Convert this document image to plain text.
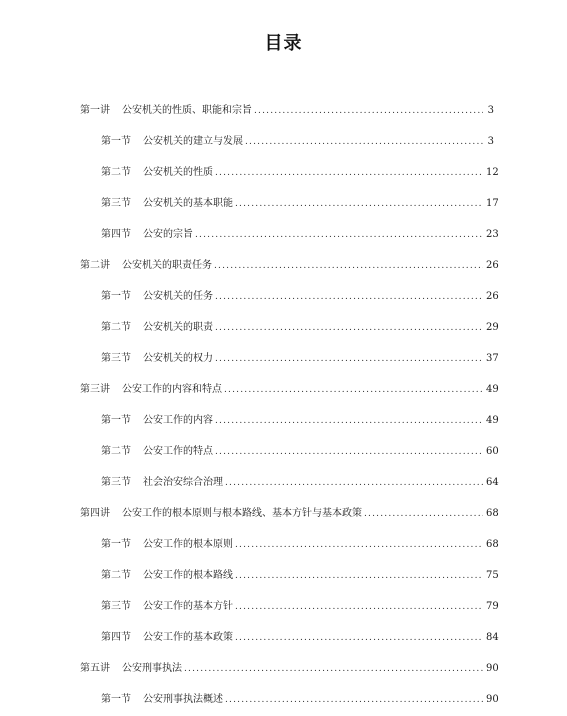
目录
第一讲 公安机关的性质、职能和宗旨 .....	3
第一节 公安机关的建立与发展 .....	3
第二节 公安机关的性质 .....	12
第三节 公安机关的基本职能 .....	17
第四节 公安的宗旨 .....	23
第二讲 公安机关的职责任务 .....	26
第一节 公安机关的任务 .....	26
第二节 公安机关的职责 .....	29
第三节 公安机关的权力 .....	37
第三讲 公安工作的内容和特点 .....	49
第一节 公安工作的内容 .....	49
第二节 公安工作的特点 .....	60
第三节 社会治安综合治理 .....	64
第四讲 公安工作的根本原则与根本路线、基本方针与基本政策 .....	68
第一节 公安工作的根本原则 .....	68
第二节 公安工作的根本路线 .....	75
第三节 公安工作的基本方针 .....	79
第四节 公安工作的基本政策 .....	84
第五讲 公安刑事执法 .....	90
第一节 公安刑事执法概述 .....	90
